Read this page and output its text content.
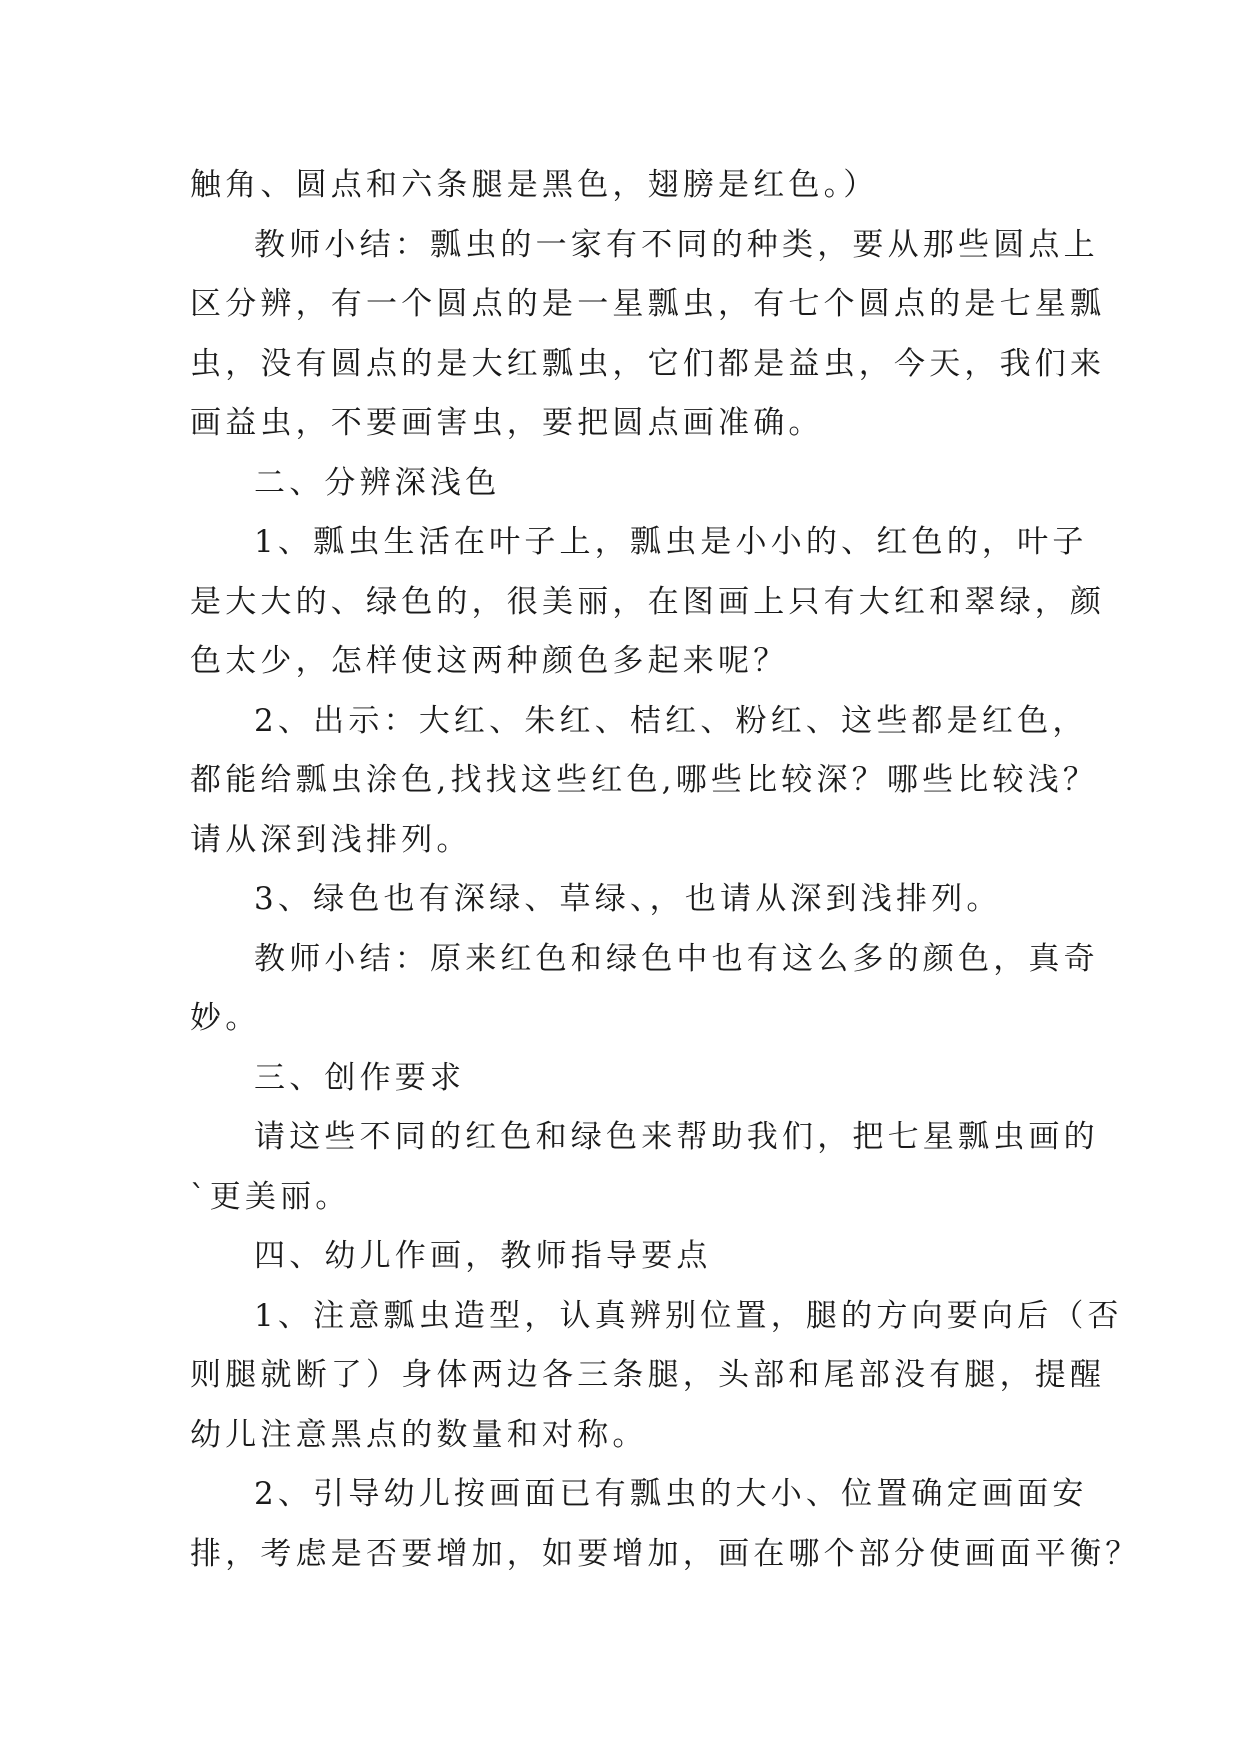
触角、圆点和六条腿是黑色，翅膀是红色。）
教师小结：瓢虫的一家有不同的种类，要从那些圆点上
区分辨，有一个圆点的是一星瓢虫，有七个圆点的是七星瓢
虫，没有圆点的是大红瓢虫，它们都是益虫，今天，我们来
画益虫，不要画害虫，要把圆点画准确。
二、分辨深浅色
1、瓢虫生活在叶子上，瓢虫是小小的、红色的，叶子
是大大的、绿色的，很美丽，在图画上只有大红和翠绿，颜
色太少，怎样使这两种颜色多起来呢？
2、出示：大红、朱红、桔红、粉红、这些都是红色，
都能给瓢虫涂色,找找这些红色,哪些比较深？哪些比较浅？
请从深到浅排列。
3、绿色也有深绿、草绿、，也请从深到浅排列。
教师小结：原来红色和绿色中也有这么多的颜色，真奇
妙。
三、创作要求
请这些不同的红色和绿色来帮助我们，把七星瓢虫画的
`更美丽。
四、幼儿作画，教师指导要点
1、注意瓢虫造型，认真辨别位置，腿的方向要向后（否
则腿就断了）身体两边各三条腿，头部和尾部没有腿，提醒
幼儿注意黑点的数量和对称。
2、引导幼儿按画面已有瓢虫的大小、位置确定画面安
排，考虑是否要增加，如要增加，画在哪个部分使画面平衡？
